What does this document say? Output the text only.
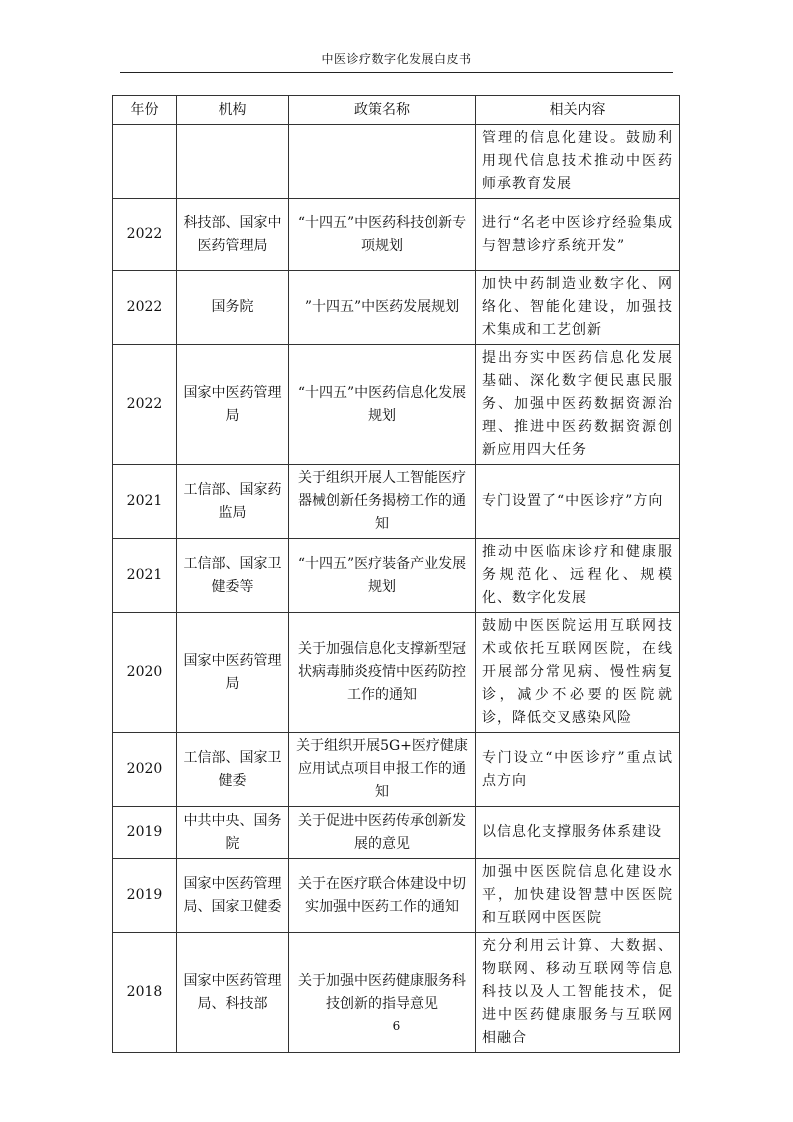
中医诊疗数字化发展白皮书
年份	机构	政策名称	相关内容
			管理的信息化建设。鼓励利用现代信息技术推动中医药师承教育发展
2022	科技部、国家中医药管理局	“十四五”中医药科技创新专项规划	进行“名老中医诊疗经验集成与智慧诊疗系统开发”
2022	国务院	”十四五”中医药发展规划	加快中药制造业数字化、网络化、智能化建设，加强技术集成和工艺创新
2022	国家中医药管理局	“十四五”中医药信息化发展规划	提出夯实中医药信息化发展基础、深化数字便民惠民服务、加强中医药数据资源治理、推进中医药数据资源创新应用四大任务
2021	工信部、国家药监局	关于组织开展人工智能医疗器械创新任务揭榜工作的通知	专门设置了“中医诊疗”方向
2021	工信部、国家卫健委等	“十四五”医疗装备产业发展规划	推动中医临床诊疗和健康服务规范化、远程化、规模化、数字化发展
2020	国家中医药管理局	关于加强信息化支撑新型冠状病毒肺炎疫情中医药防控工作的通知	鼓励中医医院运用互联网技术或依托互联网医院，在线开展部分常见病、慢性病复诊，减少不必要的医院就诊，降低交叉感染风险
2020	工信部、国家卫健委	关于组织开展5G+医疗健康应用试点项目申报工作的通知	专门设立“中医诊疗”重点试点方向
2019	中共中央、国务院	关于促进中医药传承创新发展的意见	以信息化支撑服务体系建设
2019	国家中医药管理局、国家卫健委	关于在医疗联合体建设中切实加强中医药工作的通知	加强中医医院信息化建设水平，加快建设智慧中医医院和互联网中医医院
2018	国家中医药管理局、科技部	关于加强中医药健康服务科技创新的指导意见	充分利用云计算、大数据、物联网、移动互联网等信息科技以及人工智能技术，促进中医药健康服务与互联网相融合
6
